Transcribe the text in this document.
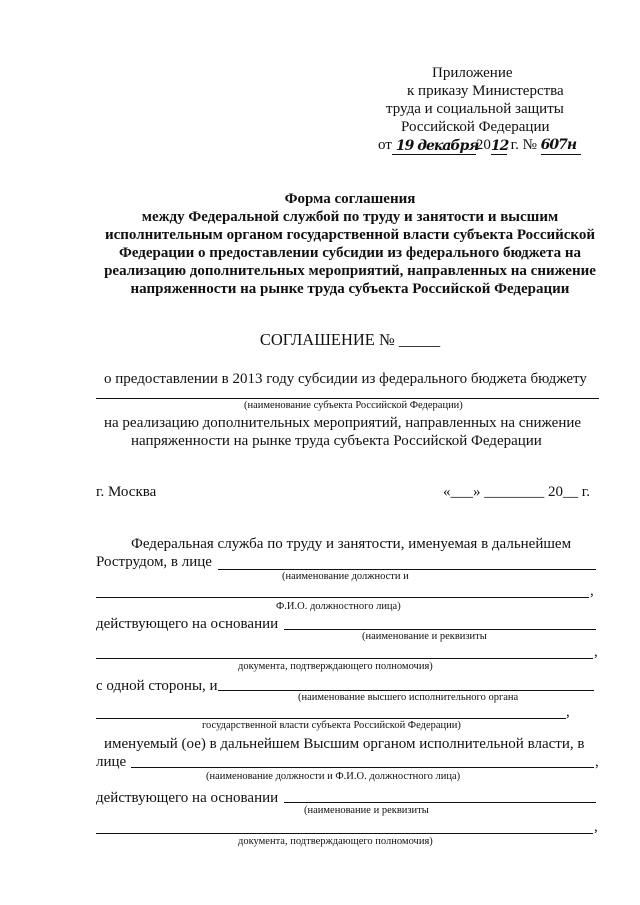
Приложение
к приказу Министерства
труда и социальной защиты
Российской Федерации
от 19 декабря
20 12 г. № 607н
Форма соглашения
между Федеральной службой по труду и занятости и высшим
исполнительным органом государственной власти субъекта Российской
Федерации о предоставлении субсидии из федерального бюджета на
реализацию дополнительных мероприятий, направленных на снижение
напряженности на рынке труда субъекта Российской Федерации
СОГЛАШЕНИЕ № _____
о предоставлении в 2013 году субсидии из федерального бюджета бюджету
(наименование субъекта Российской Федерации)
на реализацию дополнительных мероприятий, направленных на снижение
напряженности на рынке труда субъекта Российской Федерации
г. Москва	«___» ________ 20__ г.
Федеральная служба по труду и занятости, именуемая в дальнейшем
Рострудом, в лице
(наименование должности и
,
Ф.И.О. должностного лица)
действующего на основании
(наименование и реквизиты
,
документа, подтверждающего полномочия)
с одной стороны, и
(наименование высшего исполнительного органа
,
государственной власти субъекта Российской Федерации)
именуемый (ое) в дальнейшем Высшим органом исполнительной власти, в
лице	,
(наименование должности и Ф.И.О. должностного лица)
действующего на основании
(наименование и реквизиты
,
документа, подтверждающего полномочия)
